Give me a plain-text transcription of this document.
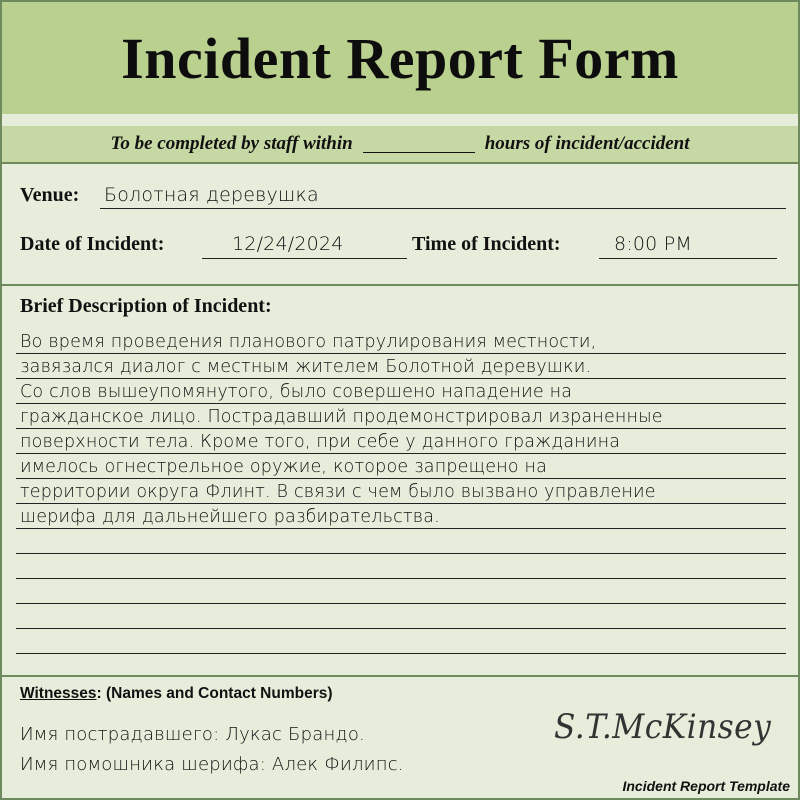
Incident Report Form
To be completed by staff within	hours of incident/accident
Venue: Болотная деревушка
Date of Incident:	12/24/2024	Time of Incident:	8:00 PM
Brief Description of Incident:
Во время проведения планового патрулирования местности,
завязался диалог с местным жителем Болотной деревушки.
Со слов вышеупомянутого, было совершено нападение на
гражданское лицо. Пострадавший продемонстрировал израненные
поверхности тела. Кроме того, при себе у данного гражданина
имелось огнестрельное оружие, которое запрещено на
территории округа Флинт. В связи с чем было вызвано управление
шерифа для дальнейшего разбирательства.
Witnesses: (Names and Contact Numbers)
Имя пострадавшего: Лукас Брандо.
Имя помошника шерифа: Алек Филипс.
S.T.McKinsey
Incident Report Template
